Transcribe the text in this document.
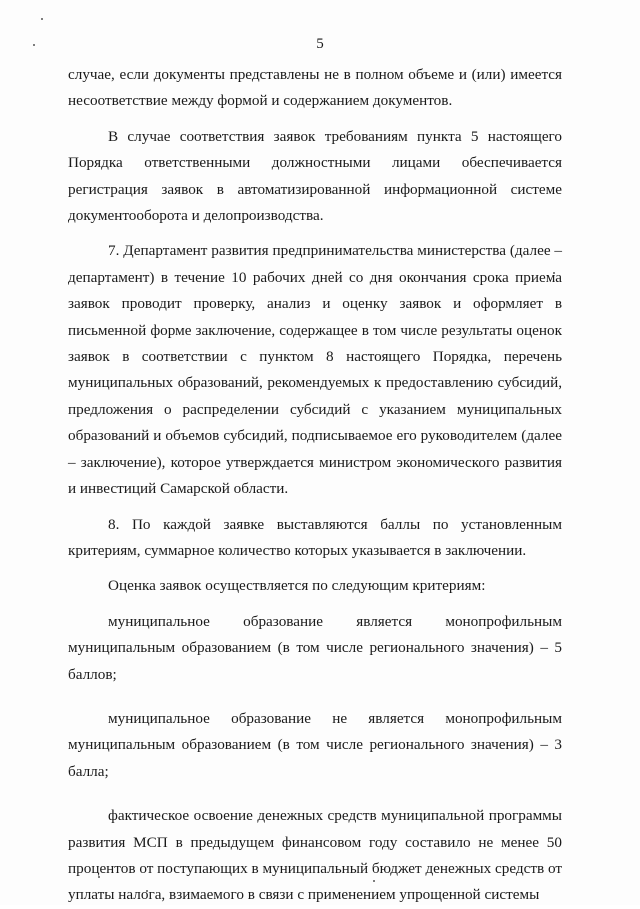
5

случае, если документы представлены не в полном объеме и (или) имеется несоответствие между формой и содержанием документов.

В случае соответствия заявок требованиям пункта 5 настоящего Порядка ответственными должностными лицами обеспечивается регистрация заявок в автоматизированной информационной системе документооборота и делопроизводства.

7. Департамент развития предпринимательства министерства (далее – департамент) в течение 10 рабочих дней со дня окончания срока приема заявок проводит проверку, анализ и оценку заявок и оформляет в письменной форме заключение, содержащее в том числе результаты оценок заявок в соответствии с пунктом 8 настоящего Порядка, перечень муниципальных образований, рекомендуемых к предоставлению субсидий, предложения о распределении субсидий с указанием муниципальных образований и объемов субсидий, подписываемое его руководителем (далее – заключение), которое утверждается министром экономического развития и инвестиций Самарской области.

8. По каждой заявке выставляются баллы по установленным критериям, суммарное количество которых указывается в заключении.

Оценка заявок осуществляется по следующим критериям:

муниципальное образование является монопрофильным муниципальным образованием (в том числе регионального значения) – 5 баллов;

муниципальное образование не является монопрофильным муниципальным образованием (в том числе регионального значения) – 3 балла;

фактическое освоение денежных средств муниципальной программы развития МСП в предыдущем финансовом году составило не менее 50 процентов от поступающих в муниципальный бюджет денежных средств от уплаты налога, взимаемого в связи с применением упрощенной системы
